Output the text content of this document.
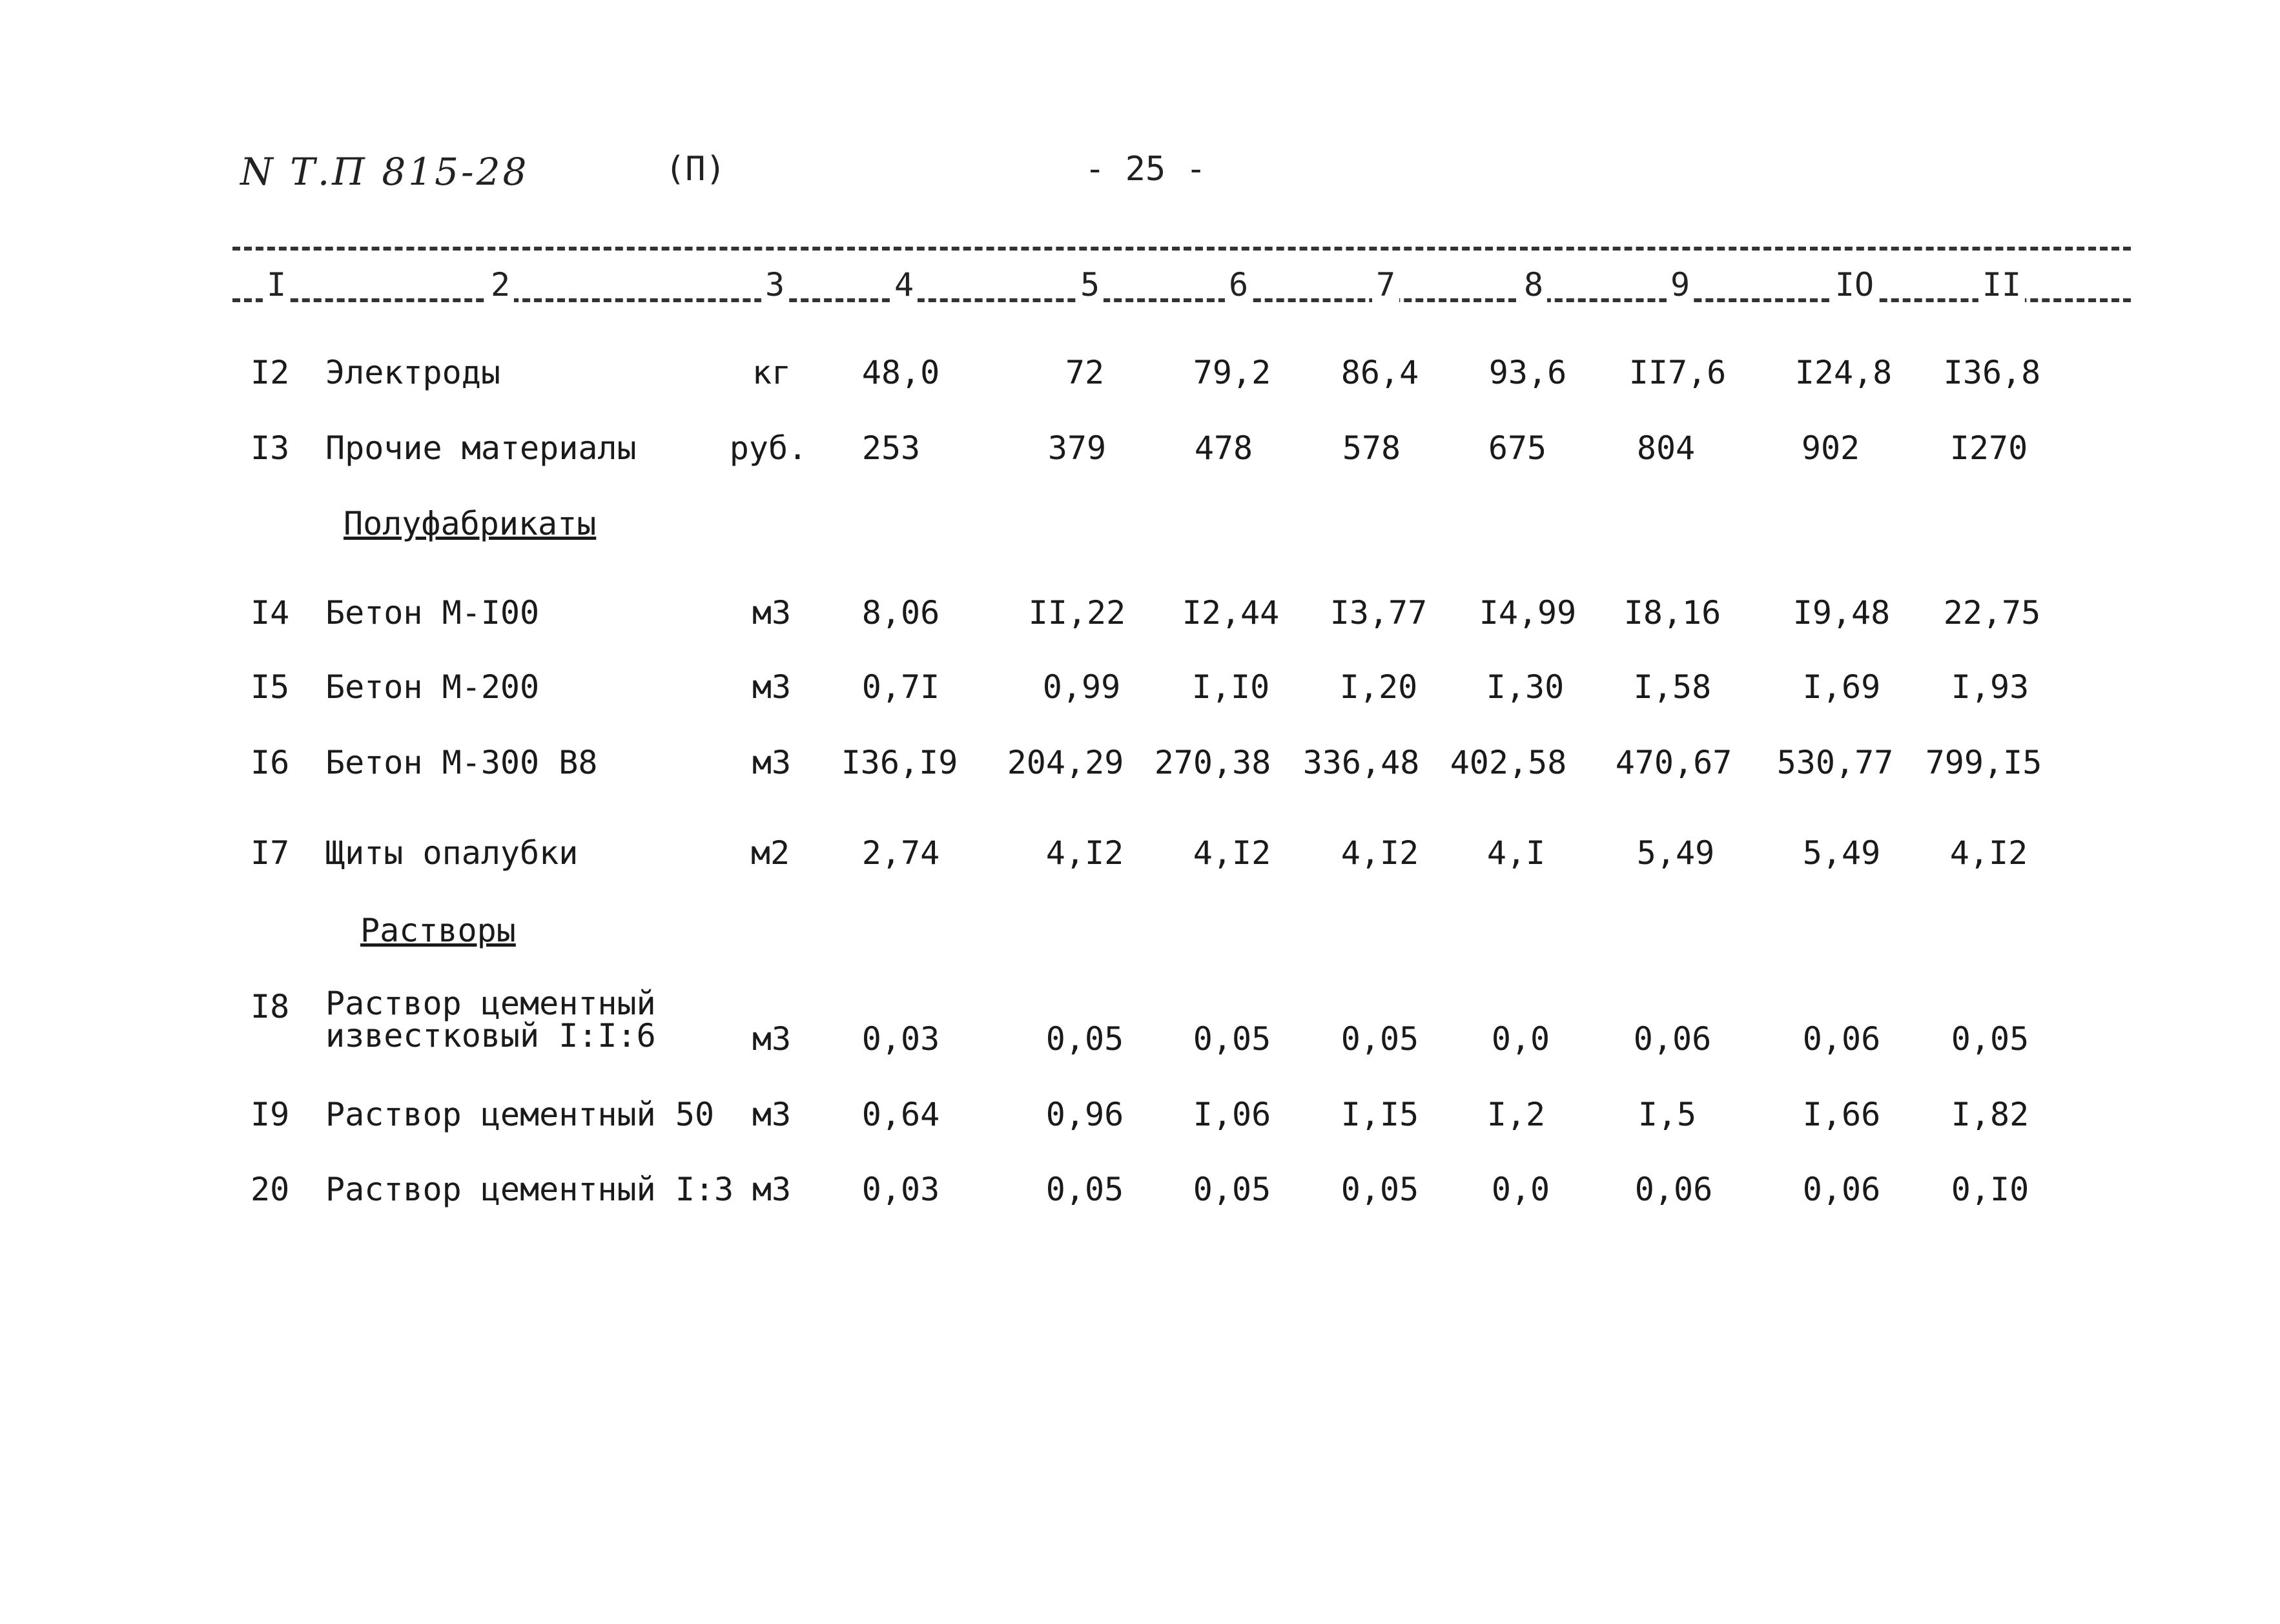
N Т.П 815-28	(П)	- 25 -
I	2	3	4	5	6	7	8	9	IO	II
I2 Электроды	кг 48,0	72	79,2 86,4 93,6 II7,6 I24,8 I36,8
I3 Прочие материалы	руб. 253	379	478	578	675	804	902	I270
Полуфабрикаты
I4 Бетон М-I00	м3 8,06	II,22 I2,44 I3,77 I4,99 I8,16 I9,48 22,75
I5 Бетон М-200	м3 0,7I	0,99 I,I0 I,20 I,30 I,58	I,69 I,93
I6 Бетон М-300 В8	м3 I36,I9 204,29 270,38 336,48 402,58 470,67 530,77 799,I5
I7 Щиты опалубки	м2 2,74	4,I2 4,I2 4,I2 4,I	5,49	5,49 4,I2
Растворы
I8 Раствор цементный
известковый I:I:6	м3 0,03	0,05 0,05 0,05 0,0	0,06	0,06 0,05
I9 Раствор цементный 50 м3 0,64	0,96 I,06 I,I5 I,2	I,5	I,66 I,82
20 Раствор цементный I:3 м3 0,03	0,05 0,05 0,05 0,0	0,06	0,06 0,I0
